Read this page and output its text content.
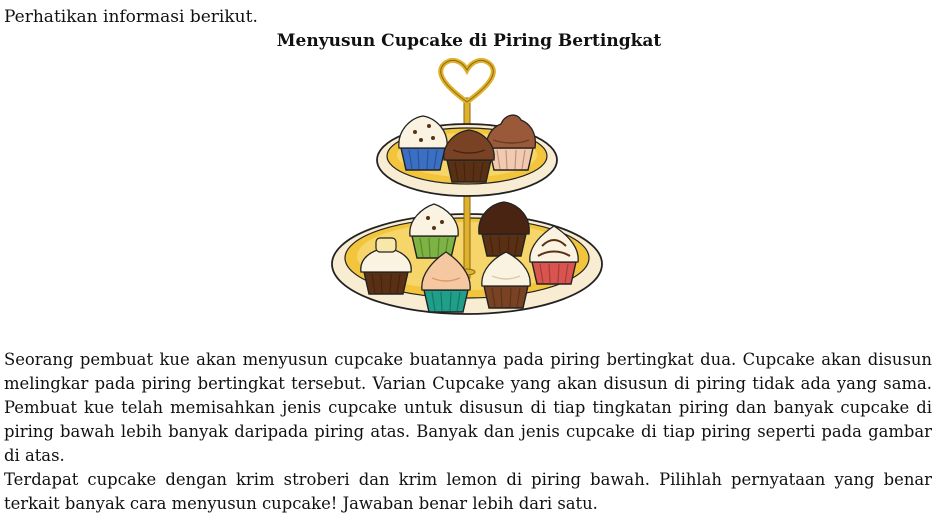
Perhatikan informasi berikut.

Menyusun Cupcake di Piring Bertingkat

Seorang pembuat kue akan menyusun cupcake buatannya pada piring bertingkat dua. Cupcake akan disusun melingkar pada piring bertingkat tersebut. Varian Cupcake yang akan disusun di piring tidak ada yang sama. Pembuat kue telah memisahkan jenis cupcake untuk disusun di tiap tingkatan piring dan banyak cupcake di piring bawah lebih banyak daripada piring atas. Banyak dan jenis cupcake di tiap piring seperti pada gambar di atas.

Terdapat cupcake dengan krim stroberi dan krim lemon di piring bawah. Pilihlah pernyataan yang benar terkait banyak cara menyusun cupcake! Jawaban benar lebih dari satu.
